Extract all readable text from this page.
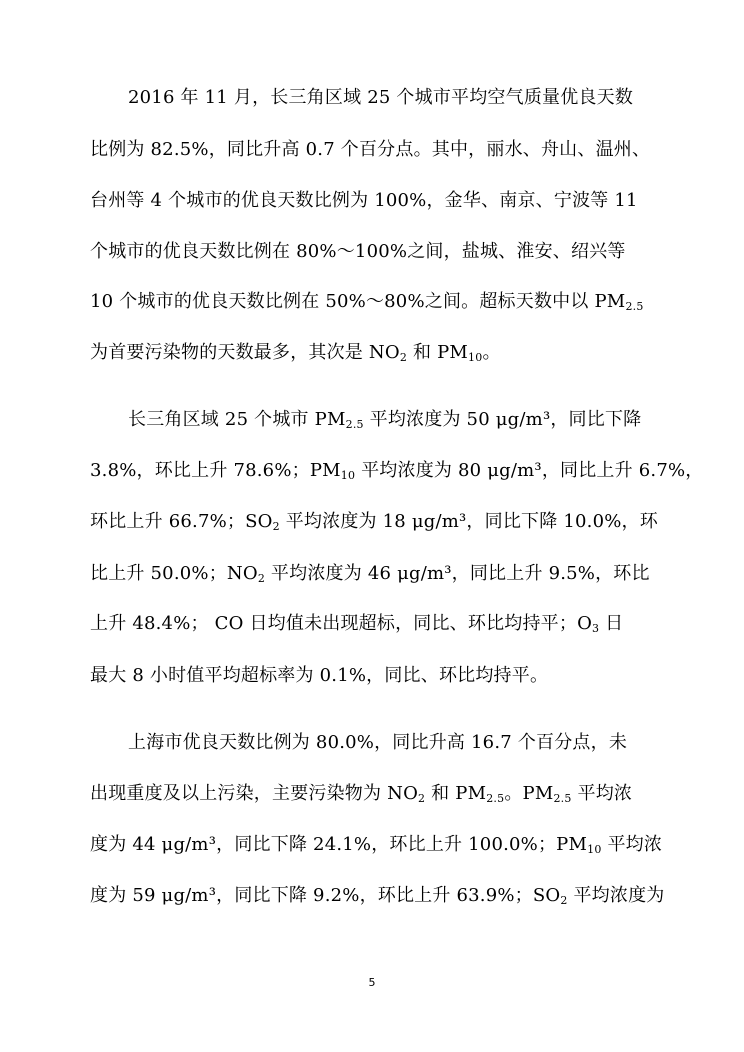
2016 年 11 月，长三角区域 25 个城市平均空气质量优良天数
比例为 82.5%，同比升高 0.7 个百分点。其中，丽水、舟山、温州、
台州等 4 个城市的优良天数比例为 100%，金华、南京、宁波等 11
个城市的优良天数比例在 80%～100%之间，盐城、淮安、绍兴等
10 个城市的优良天数比例在 50%～80%之间。超标天数中以 $PM_{2.5}$
为首要污染物的天数最多，其次是 $NO_2$ 和 $PM_{10}$。
长三角区域 25 个城市 $PM_{2.5}$ 平均浓度为 50 μg/m³，同比下降
3.8%，环比上升 78.6%；$PM_{10}$ 平均浓度为 80 μg/m³，同比上升 6.7%，
环比上升 66.7%；$SO_2$ 平均浓度为 18 μg/m³，同比下降 10.0%，环
比上升 50.0%；$NO_2$ 平均浓度为 46 μg/m³，同比上升 9.5%，环比
上升 48.4%； CO 日均值未出现超标，同比、环比均持平；$O_3$ 日
最大 8 小时值平均超标率为 0.1%，同比、环比均持平。
上海市优良天数比例为 80.0%，同比升高 16.7 个百分点，未
出现重度及以上污染，主要污染物为 $NO_2$ 和 $PM_{2.5}$。$PM_{2.5}$ 平均浓
度为 44 μg/m³，同比下降 24.1%，环比上升 100.0%；$PM_{10}$ 平均浓
度为 59 μg/m³，同比下降 9.2%，环比上升 63.9%；$SO_2$ 平均浓度为
5
